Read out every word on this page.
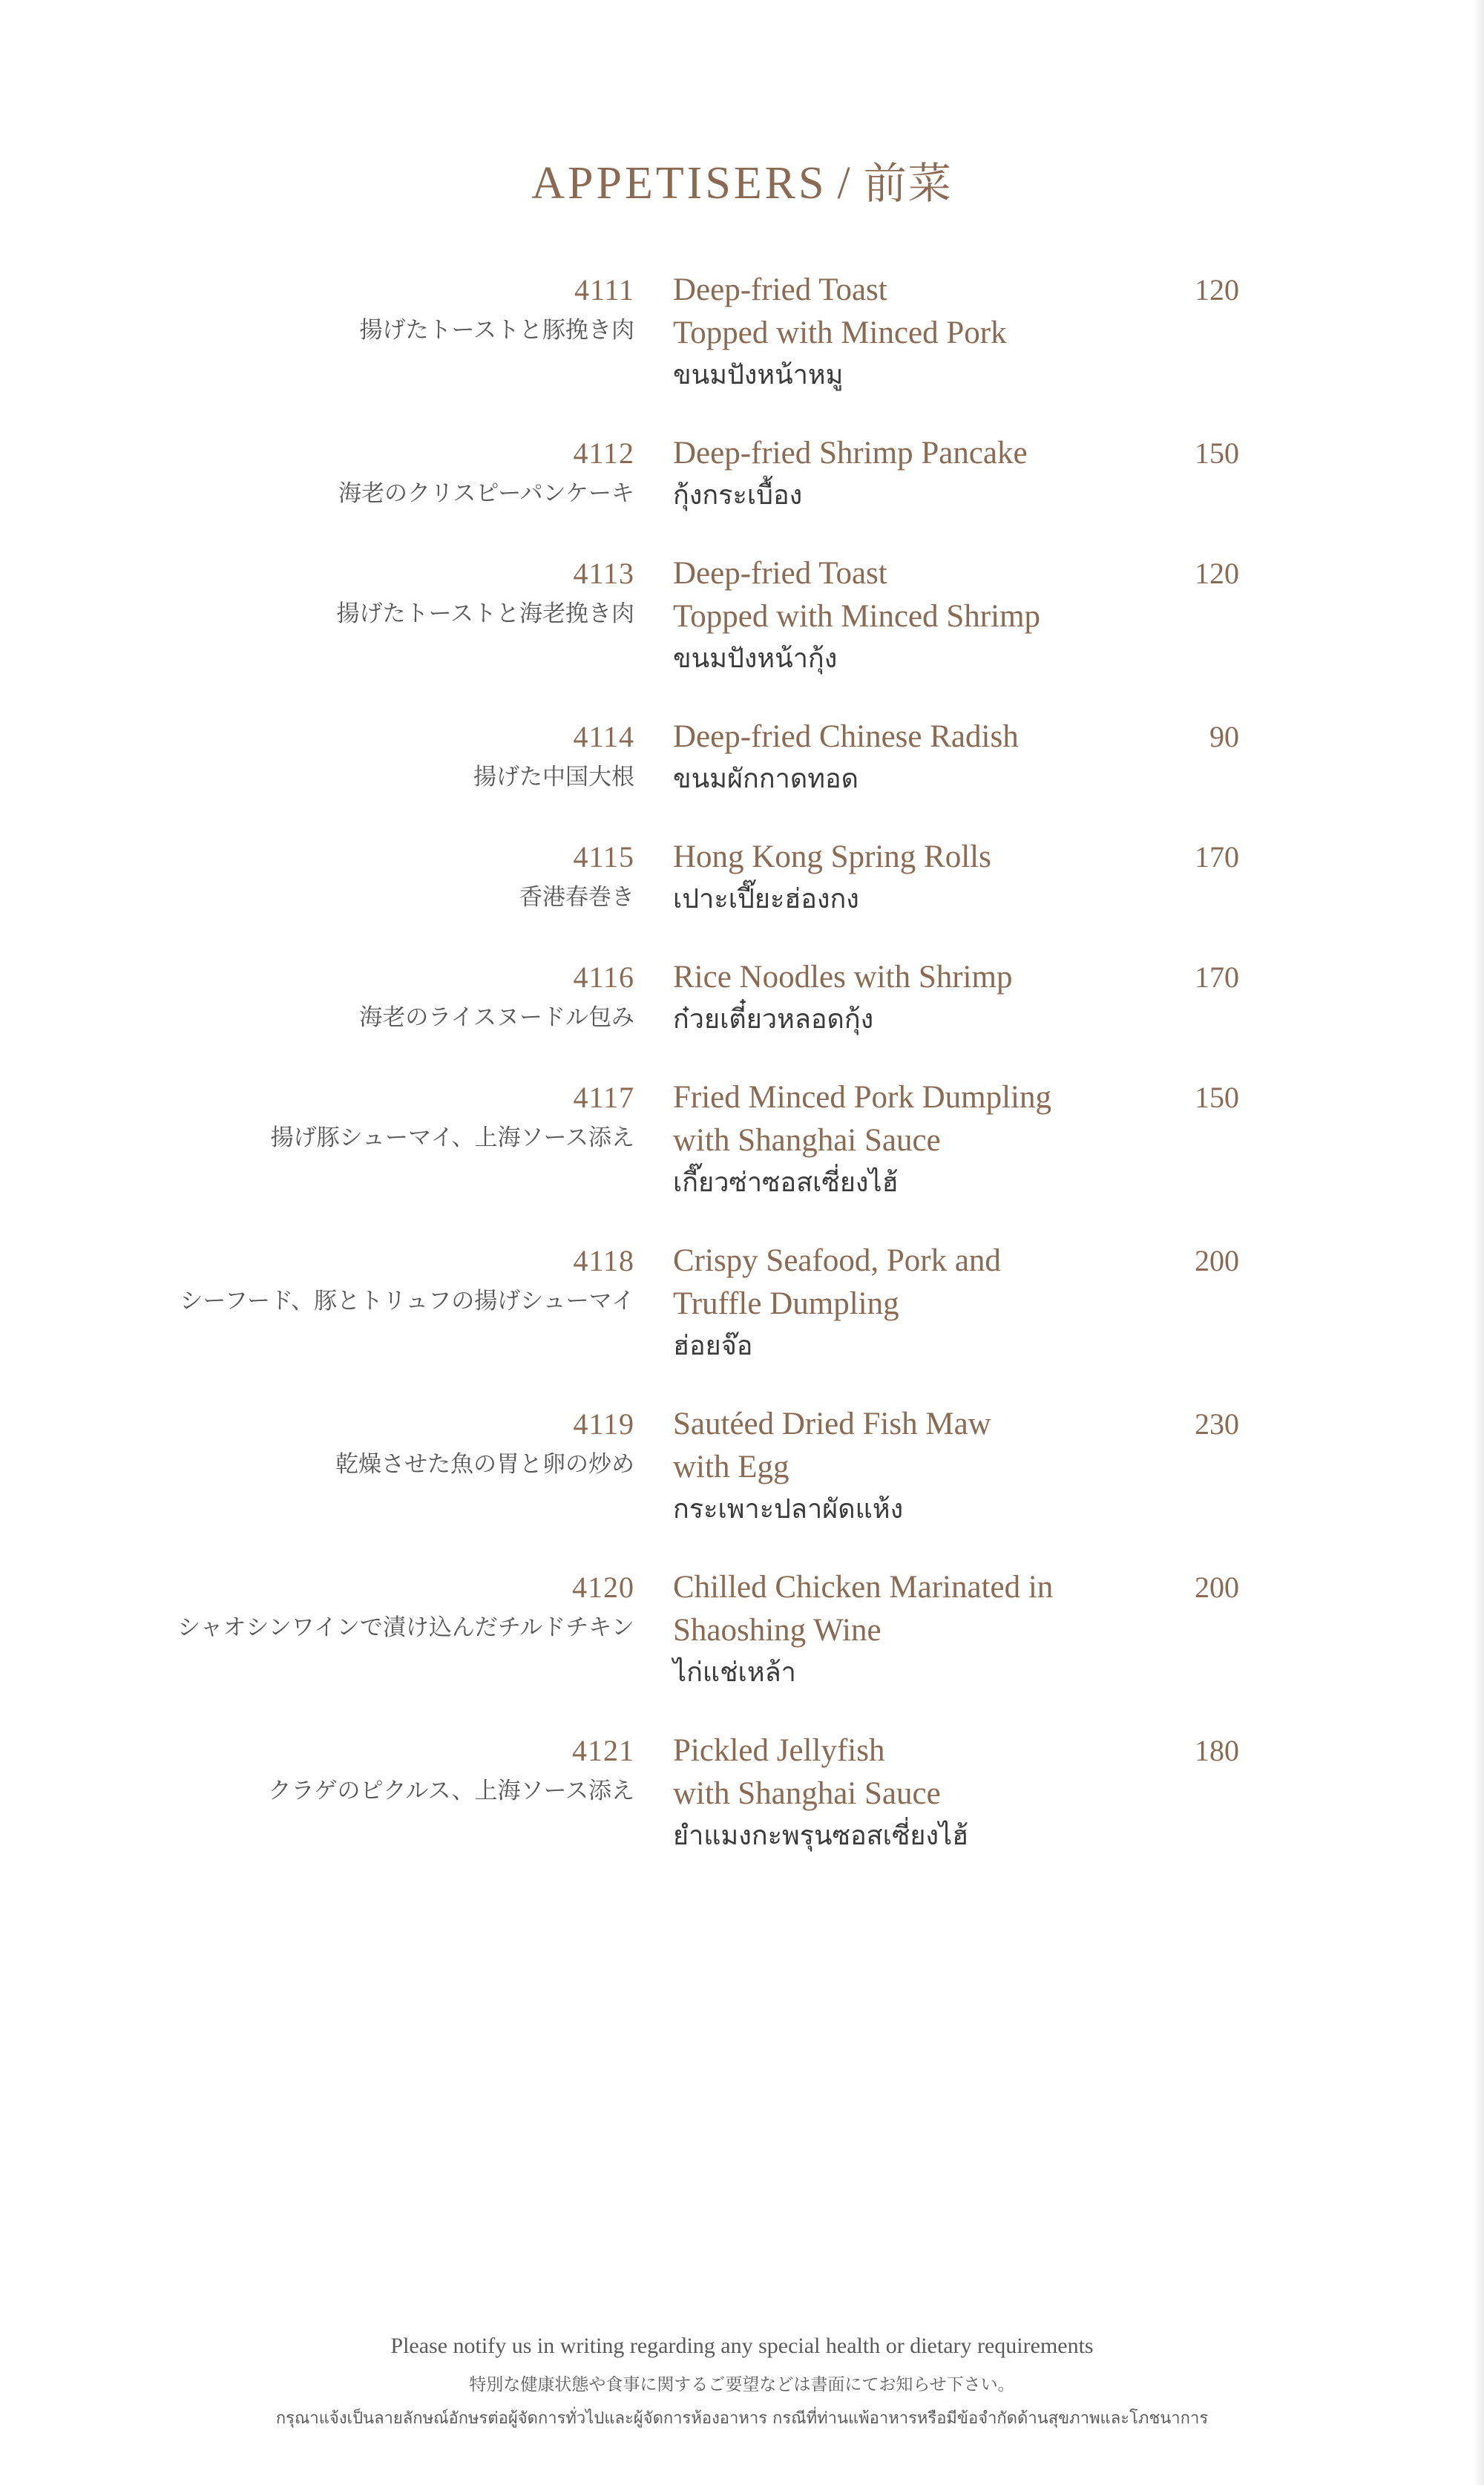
APPETISERS / 前菜
4111
揚げたトーストと豚挽き肉
Deep-fried Toast
Topped with Minced Pork
ขนมปังหน้าหมู
120
4112
海老のクリスピーパンケーキ
Deep-fried Shrimp Pancake
กุ้งกระเบื้อง
150
4113
揚げたトーストと海老挽き肉
Deep-fried Toast
Topped with Minced Shrimp
ขนมปังหน้ากุ้ง
120
4114
揚げた中国大根
Deep-fried Chinese Radish
ขนมผักกาดทอด
90
4115
香港春巻き
Hong Kong Spring Rolls
เปาะเปี๊ยะฮ่องกง
170
4116
海老のライスヌードル包み
Rice Noodles with Shrimp
ก๋วยเตี๋ยวหลอดกุ้ง
170
4117
揚げ豚シューマイ、上海ソース添え
Fried Minced Pork Dumpling
with Shanghai Sauce
เกี๊ยวซ่าซอสเซี่ยงไฮ้
150
4118
シーフード、豚とトリュフの揚げシューマイ
Crispy Seafood, Pork and
Truffle Dumpling
ฮ่อยจ๊อ
200
4119
乾燥させた魚の胃と卵の炒め
Sautéed Dried Fish Maw
with Egg
กระเพาะปลาผัดแห้ง
230
4120
シャオシンワインで漬け込んだチルドチキン
Chilled Chicken Marinated in
Shaoshing Wine
ไก่แช่เหล้า
200
4121
クラゲのピクルス、上海ソース添え
Pickled Jellyfish
with Shanghai Sauce
ยำแมงกะพรุนซอสเซี่ยงไฮ้
180
Please notify us in writing regarding any special health or dietary requirements
特別な健康状態や食事に関するご要望などは書面にてお知らせ下さい。
กรุณาแจ้งเป็นลายลักษณ์อักษรต่อผู้จัดการทั่วไปและผู้จัดการห้องอาหาร กรณีที่ท่านแพ้อาหารหรือมีข้อจำกัดด้านสุขภาพและโภชนาการ
